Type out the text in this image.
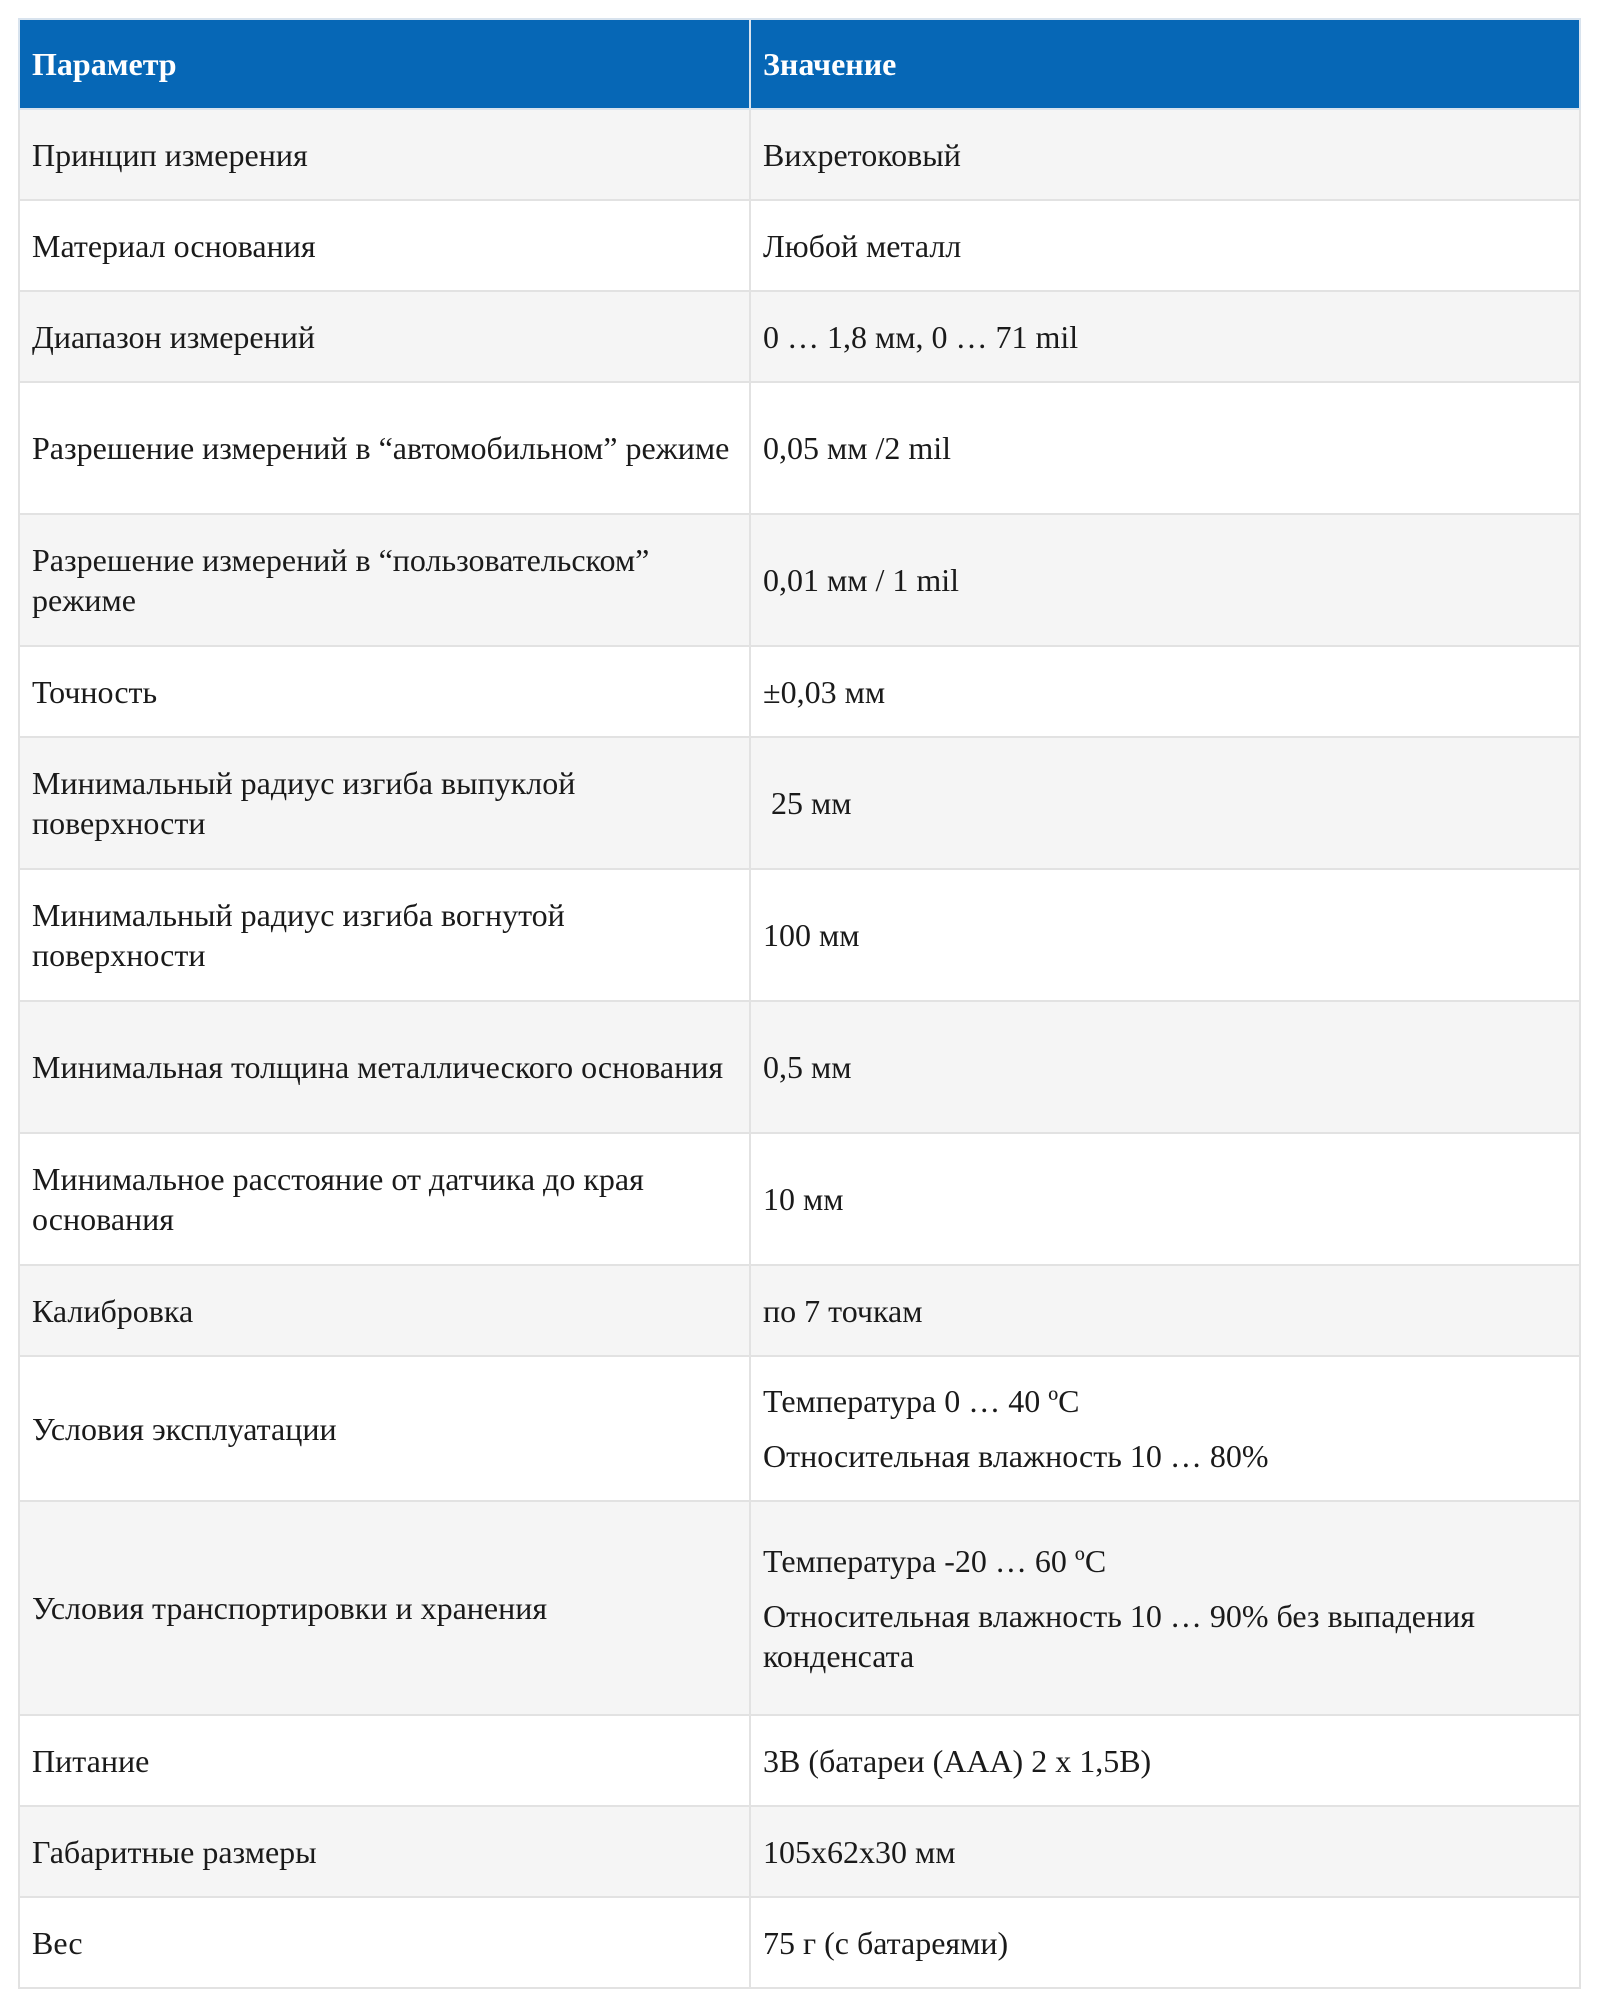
Параметр	Значение
Принцип измерения	Вихретоковый

Материал основания	Любой металл

Диапазон измерений	0 … 1,8 мм, 0 … 71 mil

Разрешение измерений в “автомобильном” режиме	0,05 мм /2 mil

Разрешение измерений в “пользовательском” режиме	0,01 мм / 1 mil

Точность	±0,03 мм

Минимальный радиус изгиба выпуклой поверхности	25 мм
Минимальный радиус изгиба вогнутой поверхности	100 мм

Минимальная толщина металлического основания	0,5 мм

Минимальное расстояние от датчика до края основания	10 мм

Калибровка	по 7 точкам

Условия эксплуатации	Температура 0 … 40 ºС
Относительная влажность 10 … 80%

Условия транспортировки и хранения	Температура -20 … 60 ºС
Относительная влажность 10 … 90% без выпадения конденсата

Питание	3В (батареи (ААА) 2 х 1,5В)

Габаритные размеры	105x62x30 мм

Вес	75 г (с батареями)
